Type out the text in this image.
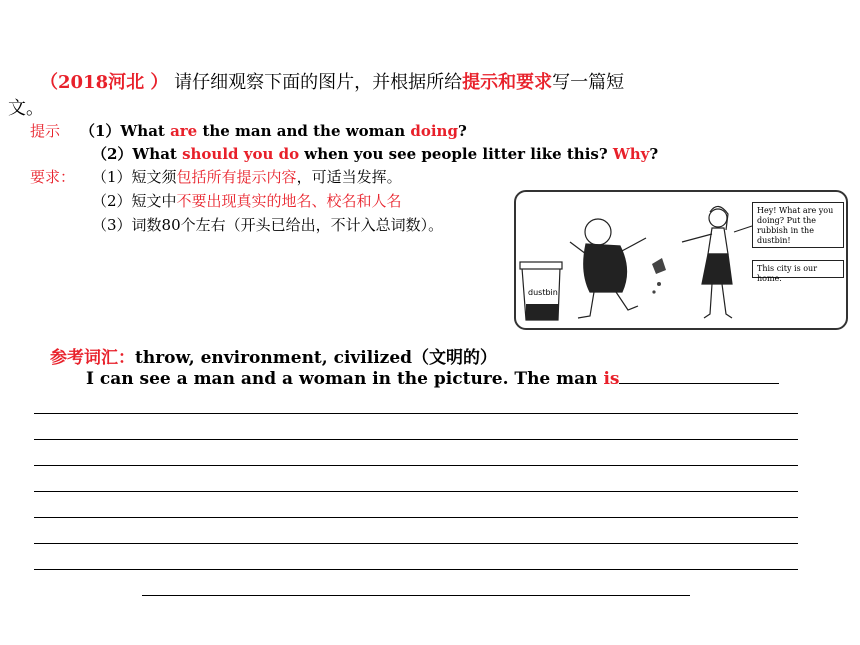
（2018河北 ） 请仔细观察下面的图片，并根据所给提示和要求写一篇短
文。
提示 （1）What are the man and the woman doing?
（2）What should you do when you see people litter like this? Why?
要求： （1）短文须包括所有提示内容，可适当发挥。
（2）短文中不要出现真实的地名、校名和人名
（3）词数80个左右（开头已给出，不计入总词数）。
Hey! What are you doing? Put the rubbish in the dustbin!
This city is our home.
dustbin
参考词汇：throw, environment, civilized（文明的）
I can see a man and a woman in the picture. The man is
